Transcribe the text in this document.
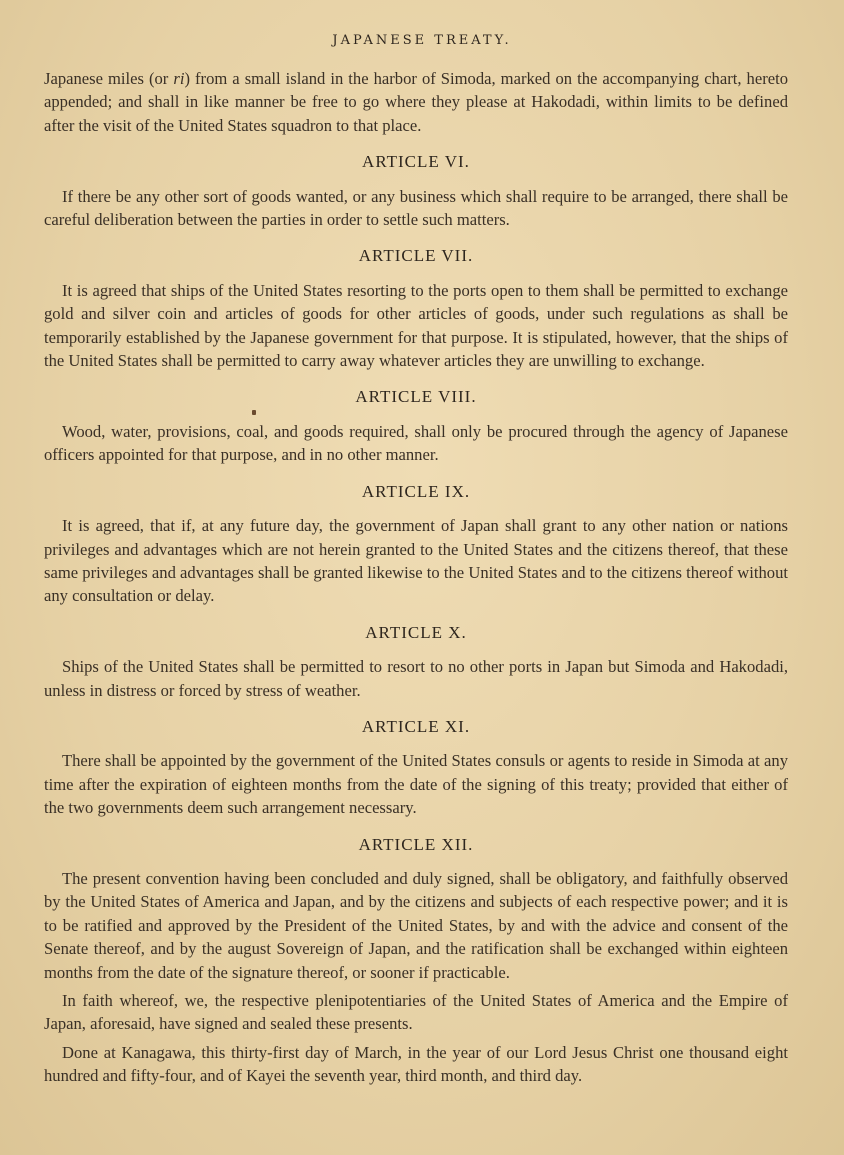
JAPANESE TREATY.

Japanese miles (or ri) from a small island in the harbor of Simoda, marked on the accompanying chart, hereto appended; and shall in like manner be free to go where they please at Hakodadi, within limits to be defined after the visit of the United States squadron to that place.

ARTICLE VI.

If there be any other sort of goods wanted, or any business which shall require to be arranged, there shall be careful deliberation between the parties in order to settle such matters.

ARTICLE VII.

It is agreed that ships of the United States resorting to the ports open to them shall be permitted to exchange gold and silver coin and articles of goods for other articles of goods, under such regulations as shall be temporarily established by the Japanese government for that purpose. It is stipulated, however, that the ships of the United States shall be permitted to carry away whatever articles they are unwilling to exchange.

ARTICLE VIII.

Wood, water, provisions, coal, and goods required, shall only be procured through the agency of Japanese officers appointed for that purpose, and in no other manner.

ARTICLE IX.

It is agreed, that if, at any future day, the government of Japan shall grant to any other nation or nations privileges and advantages which are not herein granted to the United States and the citizens thereof, that these same privileges and advantages shall be granted likewise to the United States and to the citizens thereof without any consultation or delay.

ARTICLE X.

Ships of the United States shall be permitted to resort to no other ports in Japan but Simoda and Hakodadi, unless in distress or forced by stress of weather.

ARTICLE XI.

There shall be appointed by the government of the United States consuls or agents to reside in Simoda at any time after the expiration of eighteen months from the date of the signing of this treaty; provided that either of the two governments deem such arrangement necessary.

ARTICLE XII.

The present convention having been concluded and duly signed, shall be obligatory, and faithfully observed by the United States of America and Japan, and by the citizens and subjects of each respective power; and it is to be ratified and approved by the President of the United States, by and with the advice and consent of the Senate thereof, and by the august Sovereign of Japan, and the ratification shall be exchanged within eighteen months from the date of the signature thereof, or sooner if practicable.

In faith whereof, we, the respective plenipotentiaries of the United States of America and the Empire of Japan, aforesaid, have signed and sealed these presents.

Done at Kanagawa, this thirty-first day of March, in the year of our Lord Jesus Christ one thousand eight hundred and fifty-four, and of Kayei the seventh year, third month, and third day.
